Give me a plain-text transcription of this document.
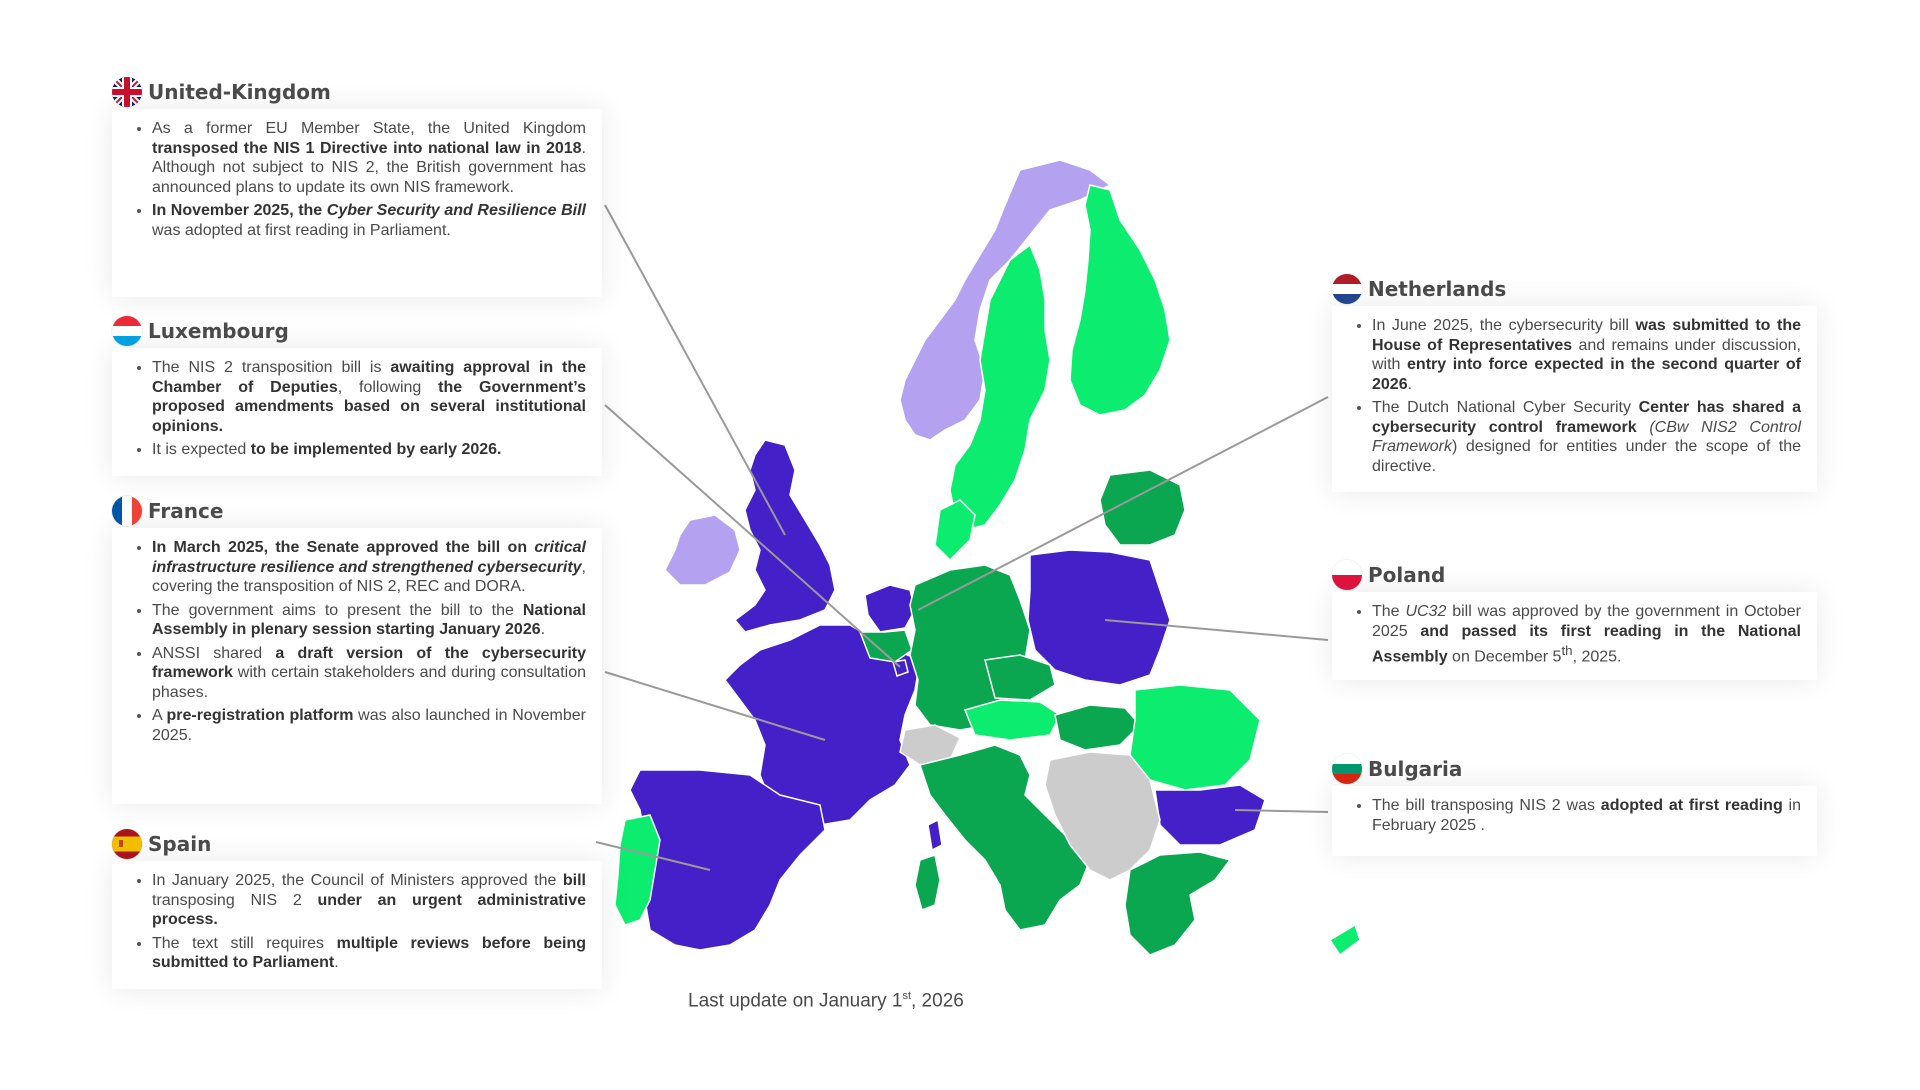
United-Kingdom
• As a former EU Member State, the United Kingdom transposed the NIS 1 Directive into national law in 2018. Although not subject to NIS 2, the British government has announced plans to update its own NIS framework.
• In November 2025, the Cyber Security and Resilience Bill was adopted at first reading in Parliament.
Luxembourg
• The NIS 2 transposition bill is awaiting approval in the Chamber of Deputies, following the Government’s proposed amendments based on several institutional opinions.
• It is expected to be implemented by early 2026.
France
• In March 2025, the Senate approved the bill on critical infrastructure resilience and strengthened cybersecurity, covering the transposition of NIS 2, REC and DORA.
• The government aims to present the bill to the National Assembly in plenary session starting January 2026.
• ANSSI shared a draft version of the cybersecurity framework with certain stakeholders and during consultation phases.
• A pre-registration platform was also launched in November 2025.
Spain
• In January 2025, the Council of Ministers approved the bill transposing NIS 2 under an urgent administrative process.
• The text still requires multiple reviews before being submitted to Parliament.
Netherlands
• In June 2025, the cybersecurity bill was submitted to the House of Representatives and remains under discussion, with entry into force expected in the second quarter of 2026.
• The Dutch National Cyber Security Center has shared a cybersecurity control framework (CBw NIS2 Control Framework) designed for entities under the scope of the directive.
Poland
• The UC32 bill was approved by the government in October 2025 and passed its first reading in the National Assembly on December 5th, 2025.
Bulgaria
• The bill transposing NIS 2 was adopted at first reading in February 2025 .
Last update on January 1st, 2026
